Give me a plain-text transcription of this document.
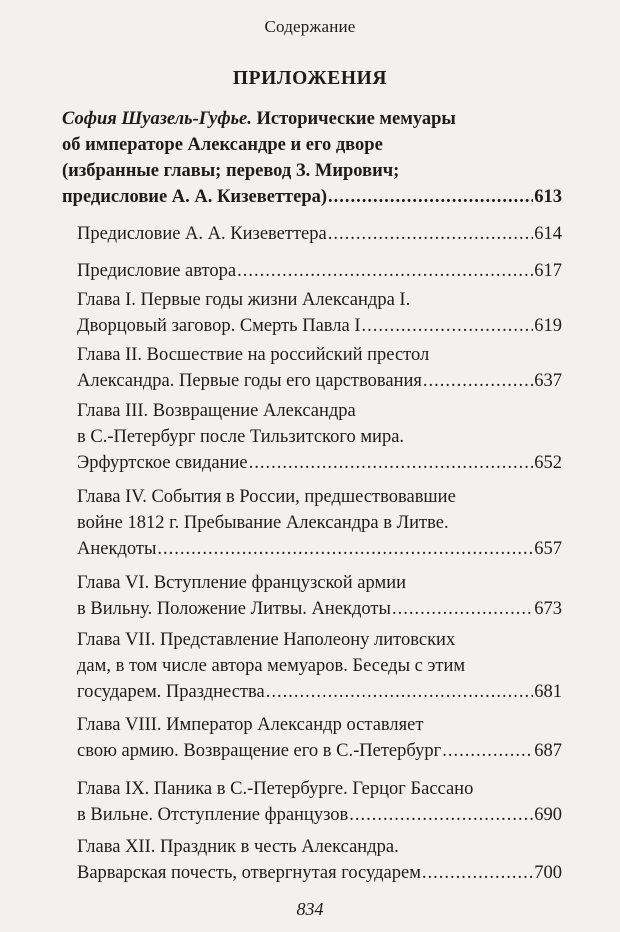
Содержание
ПРИЛОЖЕНИЯ
София Шуазель-Гуфье. Исторические мемуары
об императоре Александре и его дворе
(избранные главы; перевод З. Мирович;
предисловие А. А. Кизеветтера) .....	613
Предисловие А. А. Кизеветтера .....	614
Предисловие автора .....	617
Глава I. Первые годы жизни Александра I.
Дворцовый заговор. Смерть Павла I .....	619
Глава II. Восшествие на российский престол
Александра. Первые годы его царствования .....	637
Глава III. Возвращение Александра
в С.-Петербург после Тильзитского мира.
Эрфуртское свидание .....	652
Глава IV. События в России, предшествовавшие
войне 1812 г. Пребывание Александра в Литве.
Анекдоты .....	657
Глава VI. Вступление французской армии
в Вильну. Положение Литвы. Анекдоты .....	673
Глава VII. Представление Наполеону литовских
дам, в том числе автора мемуаров. Беседы с этим
государем. Празднества .....	681
Глава VIII. Император Александр оставляет
свою армию. Возвращение его в С.-Петербург .....	687
Глава IX. Паника в С.-Петербурге. Герцог Бассано
в Вильне. Отступление французов .....	690
Глава XII. Праздник в честь Александра.
Варварская почесть, отвергнутая государем .....	700
834
